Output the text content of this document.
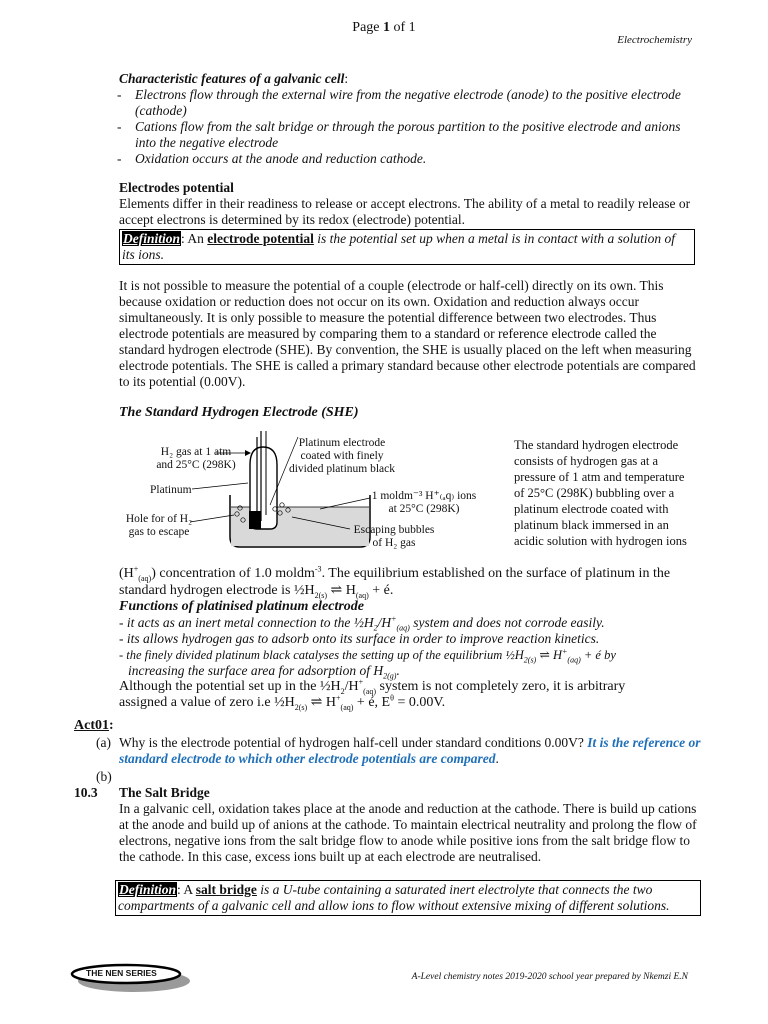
Page 1 of 1
Electrochemistry
Characteristic features of a galvanic cell:
- Electrons flow through the external wire from the negative electrode (anode) to the positive electrode (cathode)
- Cations flow from the salt bridge or through the porous partition to the positive electrode and anions into the negative electrode
- Oxidation occurs at the anode and reduction cathode.
Electrodes potential
Elements differ in their readiness to release or accept electrons. The ability of a metal to readily release or accept electrons is determined by its redox (electrode) potential.
Definition: An electrode potential is the potential set up when a metal is in contact with a solution of its ions.
It is not possible to measure the potential of a couple (electrode or half-cell) directly on its own. This because oxidation or reduction does not occur on its own. Oxidation and reduction always occur simultaneously. It is only possible to measure the potential difference between two electrodes. Thus electrode potentials are measured by comparing them to a standard or reference electrode called the standard hydrogen electrode (SHE). By convention, the SHE is usually placed on the left when measuring electrode potentials. The SHE is called a primary standard because other electrode potentials are compared to its potential (0.00V).
The Standard Hydrogen Electrode (SHE)
H₂ gas at 1 atm
and 25°C (298K)
Platinum
Hole for of H₂
gas to escape
Platinum electrode
coated with finely
divided platinum black
1 moldm⁻³ H⁺₍ₐq₎ ions
at 25°C (298K)
Escaping bubbles
of H₂ gas
The standard hydrogen electrode consists of hydrogen gas at a pressure of 1 atm and temperature of 25°C (298K) bubbling over a platinum electrode coated with platinum black immersed in an acidic solution with hydrogen ions
$(H^+_{(aq)})$ concentration of 1.0 moldm$^{-3}$. The equilibrium established on the surface of platinum in the standard hydrogen electrode is $\frac{1}{2}H_{2(s)}$ ⇌ $H_{(aq)}$ + é.
Functions of platinised platinum electrode
- it acts as an inert metal connection to the $\frac{1}{2}H_2/H^+_{(aq)}$ system and does not corrode easily.
- its allows hydrogen gas to adsorb onto its surface in order to improve reaction kinetics.
- the finely divided platinum black catalyses the setting up of the equilibrium $\frac{1}{2}H_{2(s)}$ ⇌ $H^+_{(aq)}$ + é by
increasing the surface area for adsorption of $H_{2(g)}$.
Although the potential set up in the $\frac{1}{2}H_2/H^+_{(aq)}$ system is not completely zero, it is arbitrary
assigned a value of zero i.e $\frac{1}{2}H_{2(s)}$ ⇌ $H^+_{(aq)}$ + é, $E^\theta = 0.00V$.
Act01:
(a) Why is the electrode potential of hydrogen half-cell under standard conditions 0.00V? It is the reference or standard electrode to which other electrode potentials are compared.
(b)
10.3 The Salt Bridge
In a galvanic cell, oxidation takes place at the anode and reduction at the cathode. There is build up cations at the anode and build up of anions at the cathode. To maintain electrical neutrality and prolong the flow of electrons, negative ions from the salt bridge flow to anode while positive ions from the salt bridge flow to the cathode. In this case, excess ions built up at each electrode are neutralised.
Definition: A salt bridge is a U-tube containing a saturated inert electrolyte that connects the two compartments of a galvanic cell and allow ions to flow without extensive mixing of different solutions.
THE NEN SERIES	A-Level chemistry notes 2019-2020 school year prepared by Nkemzi E.N
